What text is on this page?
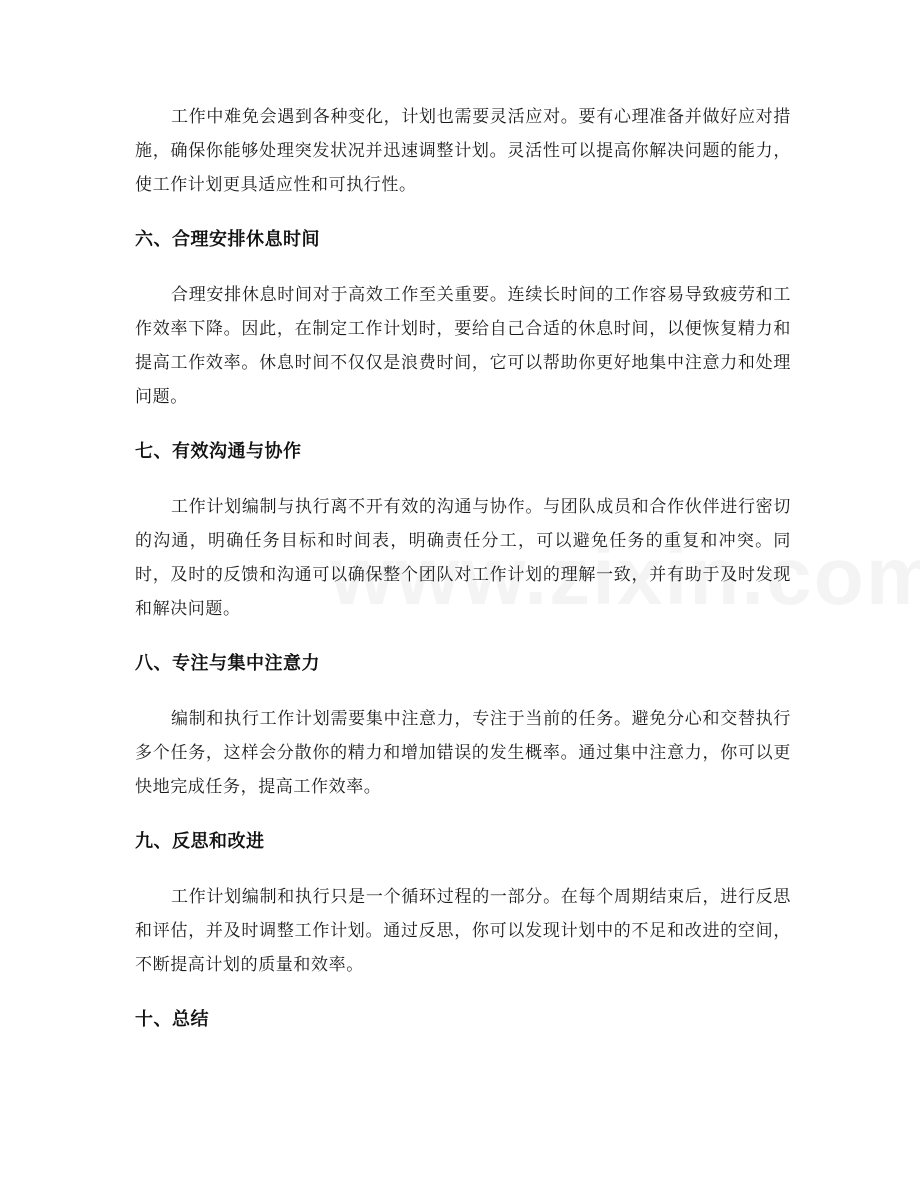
工作中难免会遇到各种变化，计划也需要灵活应对。要有心理准备并做好应对措施，确保你能够处理突发状况并迅速调整计划。灵活性可以提高你解决问题的能力，使工作计划更具适应性和可执行性。

六、合理安排休息时间

合理安排休息时间对于高效工作至关重要。连续长时间的工作容易导致疲劳和工作效率下降。因此，在制定工作计划时，要给自己合适的休息时间，以便恢复精力和提高工作效率。休息时间不仅仅是浪费时间，它可以帮助你更好地集中注意力和处理问题。

七、有效沟通与协作

工作计划编制与执行离不开有效的沟通与协作。与团队成员和合作伙伴进行密切的沟通，明确任务目标和时间表，明确责任分工，可以避免任务的重复和冲突。同时，及时的反馈和沟通可以确保整个团队对工作计划的理解一致，并有助于及时发现和解决问题。

八、专注与集中注意力

编制和执行工作计划需要集中注意力，专注于当前的任务。避免分心和交替执行多个任务，这样会分散你的精力和增加错误的发生概率。通过集中注意力，你可以更快地完成任务，提高工作效率。

九、反思和改进

工作计划编制和执行只是一个循环过程的一部分。在每个周期结束后，进行反思和评估，并及时调整工作计划。通过反思，你可以发现计划中的不足和改进的空间，不断提高计划的质量和效率。

十、总结
